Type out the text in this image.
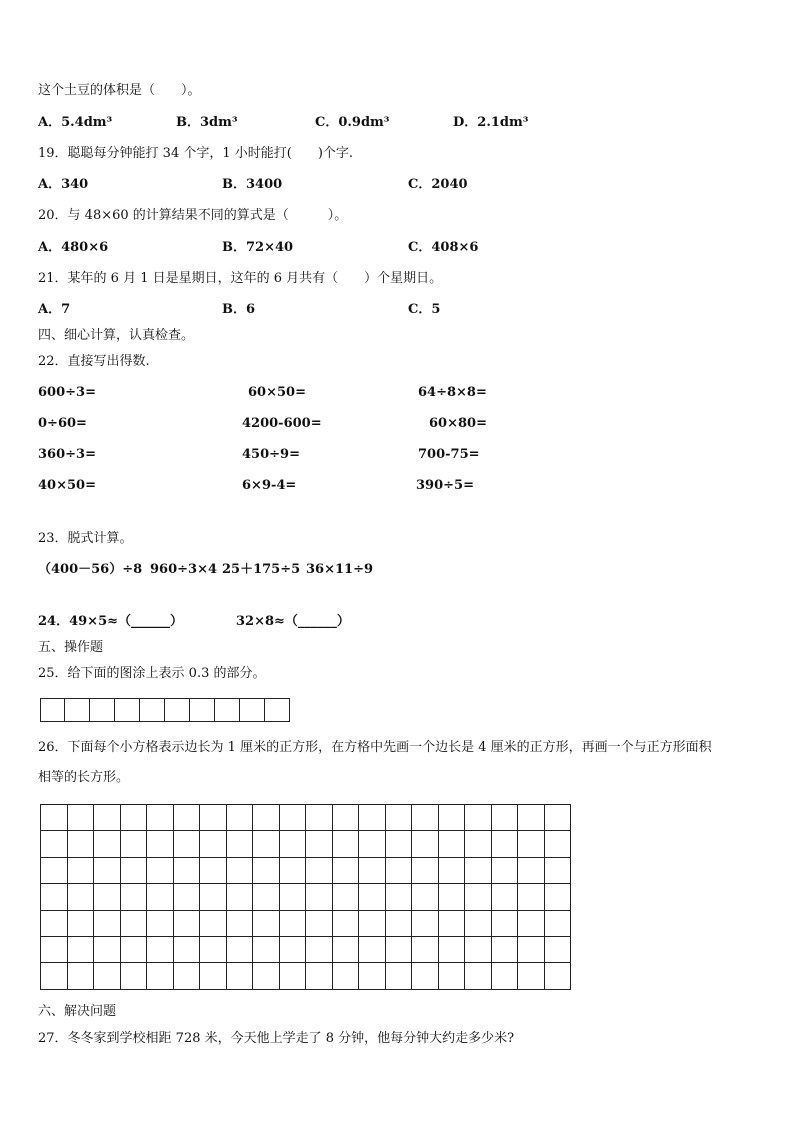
这个土豆的体积是（　　）。
A．5.4dm³	B．3dm³	C．0.9dm³	D．2.1dm³
19．聪聪每分钟能打 34 个字，1 小时能打(　　)个字.
A．340	B．3400	C．2040
20．与 48×60 的计算结果不同的算式是（　　　）。
A．480×6	B．72×40	C．408×6
21．某年的 6 月 1 日是星期日，这年的 6 月共有（　　）个星期日。
A．7	B．6	C．5
四、细心计算，认真检查。
22．直接写出得数.
600÷3=	60×50=	64÷8×8=
0÷60=	4200-600=	60×80=
360÷3=	450÷9=	700-75=
40×50=	6×9-4=	390÷5=
23．脱式计算。
（400－56）÷8 960÷3×4 25＋175÷5 36×11÷9
24．49×5≈（______）	32×8≈（______）
五、操作题
25．给下面的图涂上表示 0.3 的部分。
26．下面每个小方格表示边长为 1 厘米的正方形，在方格中先画一个边长是 4 厘米的正方形，再画一个与正方形面积
相等的长方形。
六、解决问题
27．冬冬家到学校相距 728 米，今天他上学走了 8 分钟，他每分钟大约走多少米?
